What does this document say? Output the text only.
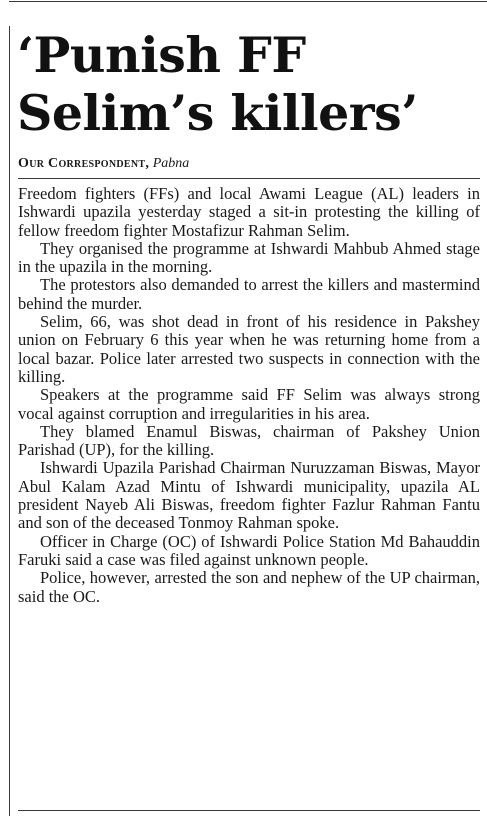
‘Punish FF Selim’s killers’
Our Correspondent, Pabna

Freedom fighters (FFs) and local Awami League (AL) leaders in Ishwardi upazila yesterday staged a sit-in protesting the killing of fellow freedom fighter Mostafizur Rahman Selim.

They organised the programme at Ishwardi Mahbub Ahmed stage in the upazila in the morning.

The protestors also demanded to arrest the killers and mastermind behind the murder.

Selim, 66, was shot dead in front of his residence in Pakshey union on February 6 this year when he was returning home from a local bazar. Police later arrested two suspects in connection with the killing.

Speakers at the programme said FF Selim was always strong vocal against corruption and irregularities in his area.

They blamed Enamul Biswas, chairman of Pakshey Union Parishad (UP), for the killing.

Ishwardi Upazila Parishad Chairman Nuruzzaman Biswas, Mayor Abul Kalam Azad Mintu of Ishwardi municipality, upazila AL president Nayeb Ali Biswas, freedom fighter Fazlur Rahman Fantu and son of the deceased Tonmoy Rahman spoke.

Officer in Charge (OC) of Ishwardi Police Station Md Bahauddin Faruki said a case was filed against unknown people.

Police, however, arrested the son and nephew of the UP chairman, said the OC.
